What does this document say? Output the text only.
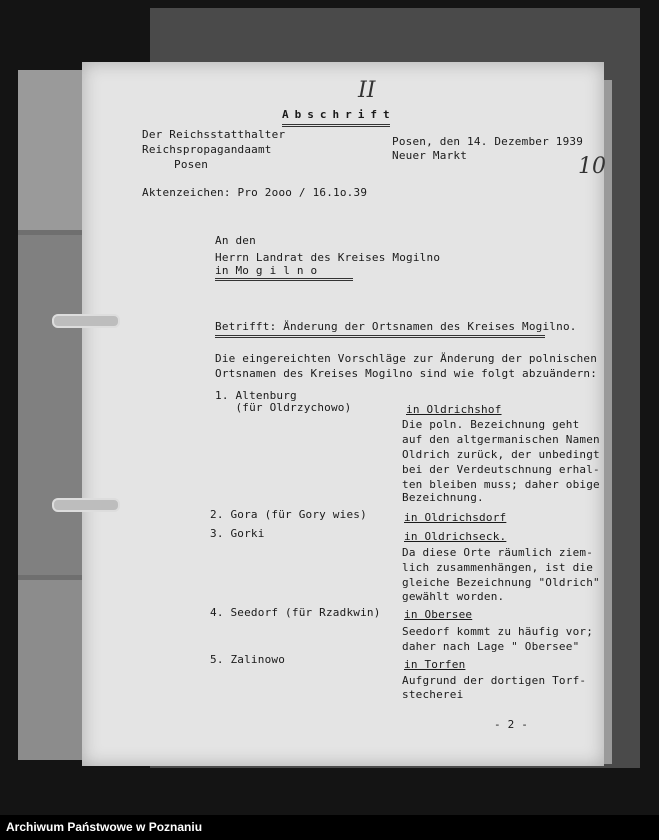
Abschrift
II
10
Der Reichsstatthalter
Reichspropagandaamt
Posen
Posen, den 14. Dezember 1939
Neuer Markt
Aktenzeichen: Pro 2ooo / 16.1o.39
An den
Herrn Landrat des Kreises Mogilno
in Mo g i l n o
Betrifft: Änderung der Ortsnamen des Kreises Mogilno.
Die eingereichten Vorschläge zur Änderung der polnischen
Ortsnamen des Kreises Mogilno sind wie folgt abzuändern:
1. Altenburg
(für Oldrzychowo)	in Oldrichshof
Die poln. Bezeichnung geht
auf den altgermanischen Namen
Oldrich zurück, der unbedingt
bei der Verdeutschnung erhal-
ten bleiben muss; daher obige
Bezeichnung.
2. Gora (für Gory wies)	in Oldrichsdorf
3. Gorki	in Oldrichseck.
Da diese Orte räumlich ziem-
lich zusammenhängen, ist die
gleiche Bezeichnung "Oldrich"
gewählt worden.
4. Seedorf (für Rzadkwin) in Obersee
Seedorf kommt zu häufig vor;
daher nach Lage " Obersee"
5. Zalinowo	in Torfen
Aufgrund der dortigen Torf-
stecherei
- 2 -
Archiwum Państwowe w Poznaniu
